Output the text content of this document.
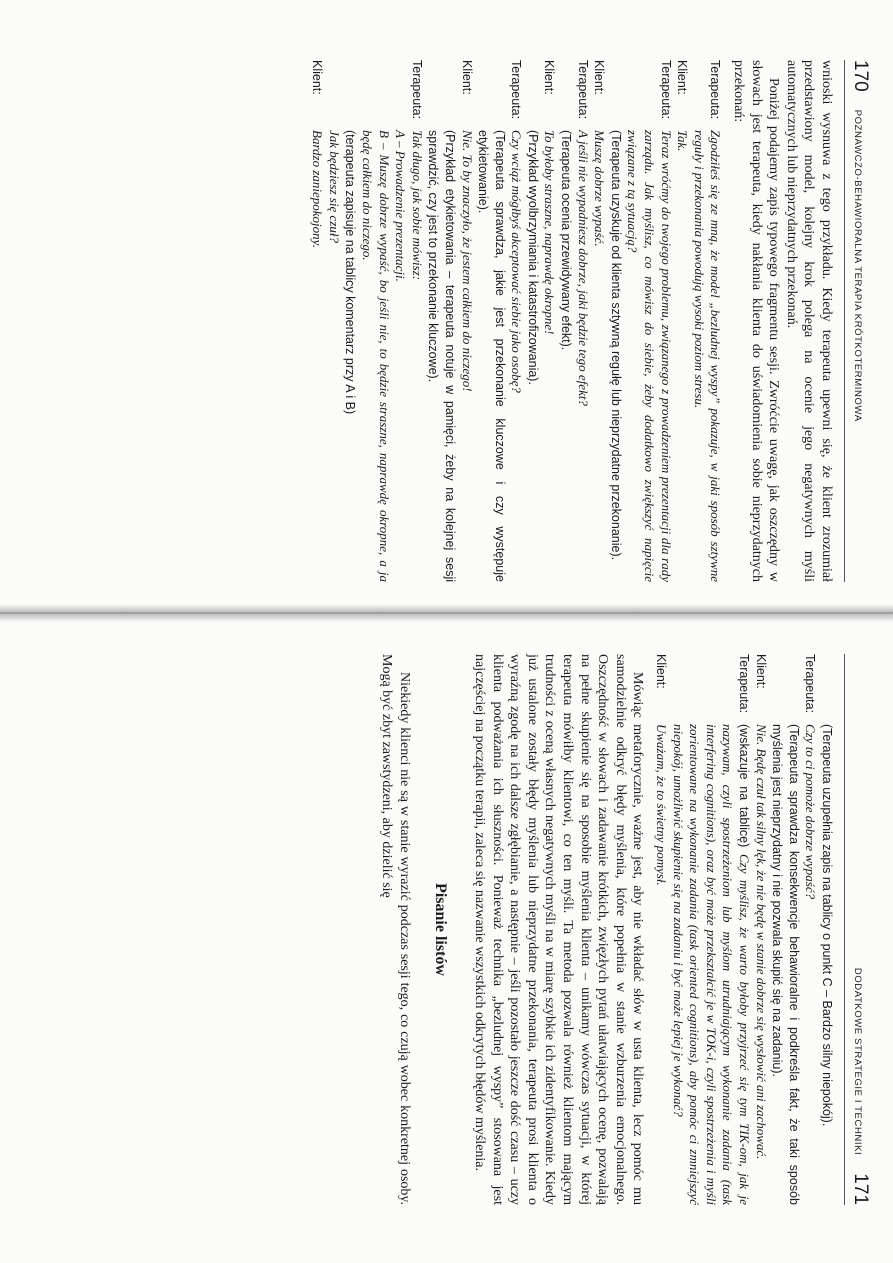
170
POZNAWCZO-BEHAWIORALNA TERAPIA KRÓTKOTERMINOWA

wnioski wysnuwa z tego przykładu. Kiedy terapeuta upewni się, że klient zrozumiał przedstawiony model, kolejny krok polega na ocenie jego negatywnych myśli automatycznych lub nieprzydatnych przekonań.

Poniżej podajemy zapis typowego fragmentu sesji. Zwróćcie uwagę, jak oszczędny w słowach jest terapeuta, kiedy nakłania klienta do uświadomienia sobie nieprzydatnych przekonań:

Terapeuta:

Zgodziłeś się ze mną, że model „bezludnej wyspy” pokazuje, w jaki sposób sztywne reguły i przekonania powodują wysoki poziom stresu.

Klient:

Tak.

Terapeuta:

Teraz wróćmy do twojego problemu, związanego z prowadzeniem prezentacji dla rady zarządu. Jak myślisz, co mówisz do siebie, żeby dodatkowo zwiększyć napięcie związane z tą sytuacją?

(Terapeuta uzyskuje od klienta sztywną regułę lub nieprzydatne przekonanie).

Klient:

Muszę dobrze wypaść.

Terapeuta:

A jeśli nie wypadniesz dobrze, jaki będzie tego efekt?

(Terapeuta ocenia przewidywany efekt).

Klient:

To byłoby straszne, naprawdę okropne!

(Przykład wyolbrzymiania i katastrofizowania).

Terapeuta:

Czy wciąż mógłbyś akceptować siebie jako osobę?

(Terapeuta sprawdza, jakie jest przekonanie kluczowe i czy występuje etykietowanie).

Klient:

Nie. To by znaczyło, że jestem całkiem do niczego!

(Przykład etykietowania – terapeuta notuje w pamięci, żeby na kolejnej sesji sprawdzić, czy jest to przekonanie kluczowe).

Terapeuta:

Tak długo, jak sobie mówisz:

A – Prowadzenie prezentacji.

B – Muszę dobrze wypaść, bo jeśli nie, to będzie straszne, naprawdę okropne, a ja będę całkiem do niczego.

(terapeuta zapisuje na tablicy komentarz przy A i B)

Jak będziesz się czuł?

Klient:

Bardzo zaniepokojony.

DODATKOWE STRATEGIE I TECHNIKI
171

(Terapeuta uzupełnia zapis na tablicy o punkt C – Bardzo silny niepokój).

Terapeuta:

Czy to ci pomoże dobrze wypaść?

(Terapeuta sprawdza konsekwencje behawioralne i podkreśla fakt, że taki sposób myślenia jest nieprzydatny i nie pozwala skupić się na zadaniu).

Klient:

Nie. Będę czuł tak silny lęk, że nie będę w stanie dobrze się wysłowić ani zachować.

Terapeuta:

(wskazuje na tablicę) Czy myślisz, że warto byłoby przyjrzeć się tym TIK-om, jak je nazywam, czyli spostrzeżeniom lub myślom utrudniającym wykonanie zadania (task interfering cognitions), oraz być może przekształcić je w TOK-i, czyli spostrzeżenia i myśli zorientowane na wykonanie zadania (task oriented cognitions), aby pomóc ci zmniejszyć niepokój, umożliwić skupienie się na zadaniu i być może lepiej je wykonać?

Klient:

Uważam, że to świetny pomysł.

Mówiąc metaforycznie, ważne jest, aby nie wkładać słów w usta klienta, lecz pomóc mu samodzielnie odkryć błędy myślenia, które popełnia w stanie wzburzenia emocjonalnego. Oszczędność w słowach i zadawanie krótkich, zwięzłych pytań ułatwiających ocenę, pozwalają na pełne skupienie się na sposobie myślenia klienta – unikamy wówczas sytuacji, w której terapeuta mówiłby klientowi, co ten myśli. Ta metoda pozwala również klientom mającym trudności z oceną własnych negatywnych myśli na w miarę szybkie ich zidentyfikowanie. Kiedy już ustalone zostały błędy myślenia lub nieprzydatne przekonania, terapeuta prosi klienta o wyraźną zgodę na ich dalsze zgłębianie, a następnie – jeśli pozostało jeszcze dość czasu – uczy klienta podważania ich słuszności. Ponieważ technika „bezludnej wyspy” stosowana jest najczęściej na początku terapii, zaleca się nazwanie wszystkich odkrytych błędów myślenia.

Pisanie listów

Niekiedy klienci nie są w stanie wyrazić podczas sesji tego, co czują wobec konkretnej osoby. Mogą być zbyt zawstydzeni, aby dzielić się
